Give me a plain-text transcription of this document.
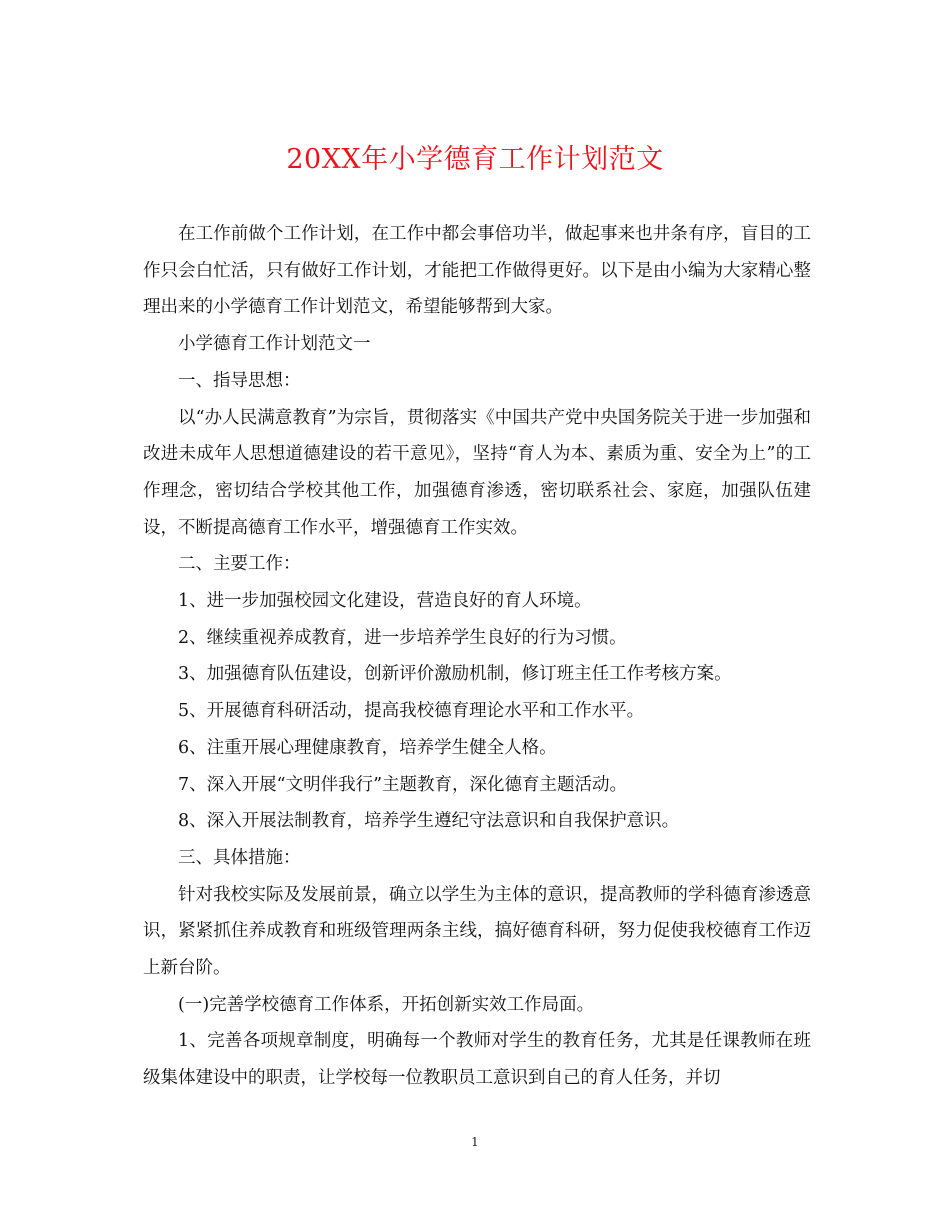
20XX年小学德育工作计划范文

在工作前做个工作计划，在工作中都会事倍功半，做起事来也井条有序，盲目的工作只会白忙活，只有做好工作计划，才能把工作做得更好。以下是由小编为大家精心整理出来的小学德育工作计划范文，希望能够帮到大家。

小学德育工作计划范文一

一、指导思想：

以“办人民满意教育”为宗旨，贯彻落实《中国共产党中央国务院关于进一步加强和改进未成年人思想道德建设的若干意见》，坚持“育人为本、素质为重、安全为上”的工作理念，密切结合学校其他工作，加强德育渗透，密切联系社会、家庭，加强队伍建设，不断提高德育工作水平，增强德育工作实效。

二、主要工作：

1、进一步加强校园文化建设，营造良好的育人环境。

2、继续重视养成教育，进一步培养学生良好的行为习惯。

3、加强德育队伍建设，创新评价激励机制，修订班主任工作考核方案。

5、开展德育科研活动，提高我校德育理论水平和工作水平。

6、注重开展心理健康教育，培养学生健全人格。

7、深入开展“文明伴我行”主题教育，深化德育主题活动。

8、深入开展法制教育，培养学生遵纪守法意识和自我保护意识。

三、具体措施：

针对我校实际及发展前景，确立以学生为主体的意识，提高教师的学科德育渗透意识，紧紧抓住养成教育和班级管理两条主线，搞好德育科研，努力促使我校德育工作迈上新台阶。

(一)完善学校德育工作体系，开拓创新实效工作局面。

1、完善各项规章制度，明确每一个教师对学生的教育任务，尤其是任课教师在班级集体建设中的职责，让学校每一位教职员工意识到自己的育人任务，并切

1
